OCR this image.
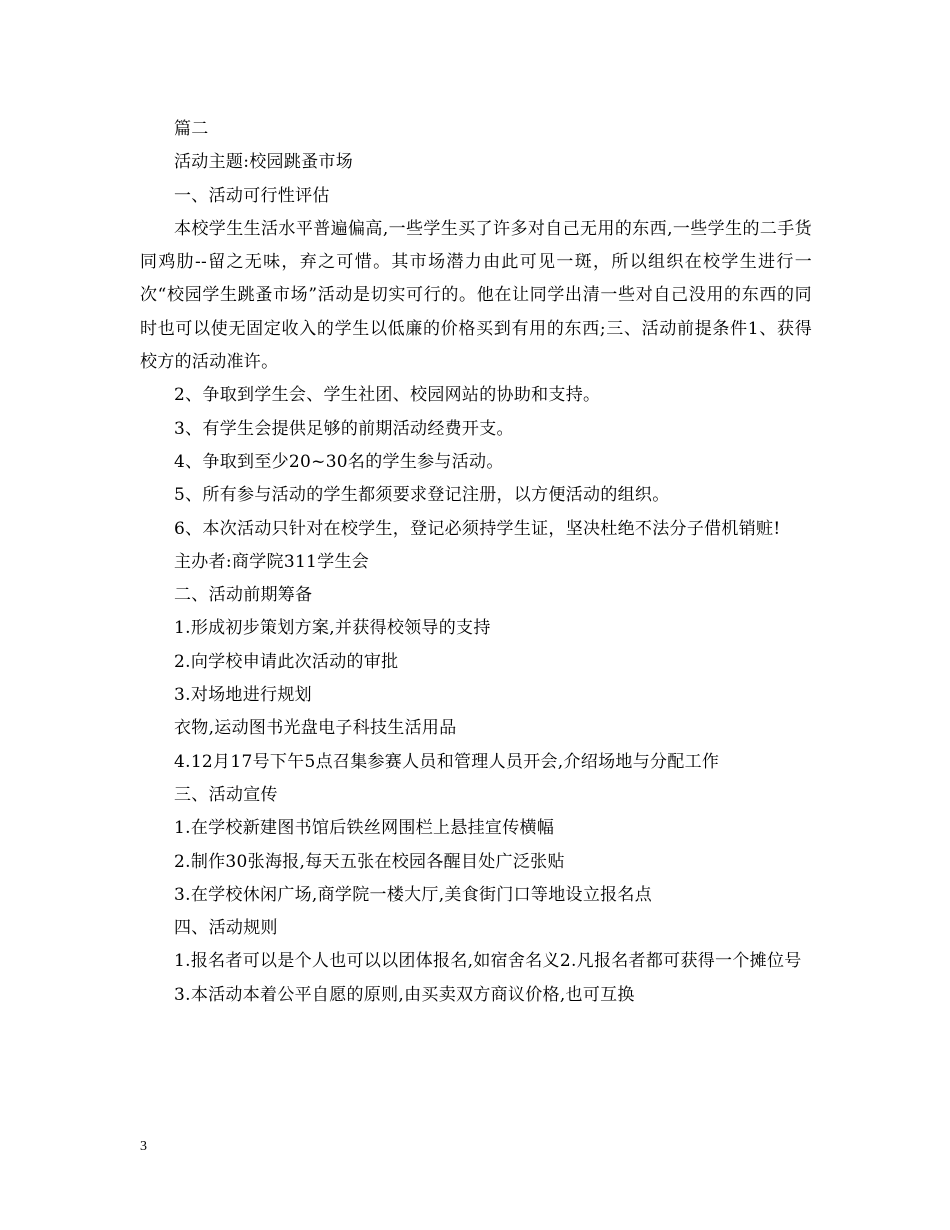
篇二

活动主题:校园跳蚤市场

一、活动可行性评估

本校学生生活水平普遍偏高,一些学生买了许多对自己无用的东西,一些学生的二手货同鸡肋--留之无味，弃之可惜。其市场潜力由此可见一斑，所以组织在校学生进行一次“校园学生跳蚤市场”活动是切实可行的。他在让同学出清一些对自己没用的东西的同时也可以使无固定收入的学生以低廉的价格买到有用的东西;三、活动前提条件1、获得校方的活动准许。

2、争取到学生会、学生社团、校园网站的协助和支持。

3、有学生会提供足够的前期活动经费开支。

4、争取到至少20~30名的学生参与活动。

5、所有参与活动的学生都须要求登记注册，以方便活动的组织。

6、本次活动只针对在校学生，登记必须持学生证，坚决杜绝不法分子借机销赃!

主办者:商学院311学生会

二、活动前期筹备

1.形成初步策划方案,并获得校领导的支持

2.向学校申请此次活动的审批

3.对场地进行规划

衣物,运动图书光盘电子科技生活用品

4.12月17号下午5点召集参赛人员和管理人员开会,介绍场地与分配工作

三、活动宣传

1.在学校新建图书馆后铁丝网围栏上悬挂宣传横幅

2.制作30张海报,每天五张在校园各醒目处广泛张贴

3.在学校休闲广场,商学院一楼大厅,美食街门口等地设立报名点

四、活动规则

1.报名者可以是个人也可以以团体报名,如宿舍名义2.凡报名者都可获得一个摊位号

3.本活动本着公平自愿的原则,由买卖双方商议价格,也可互换

3
